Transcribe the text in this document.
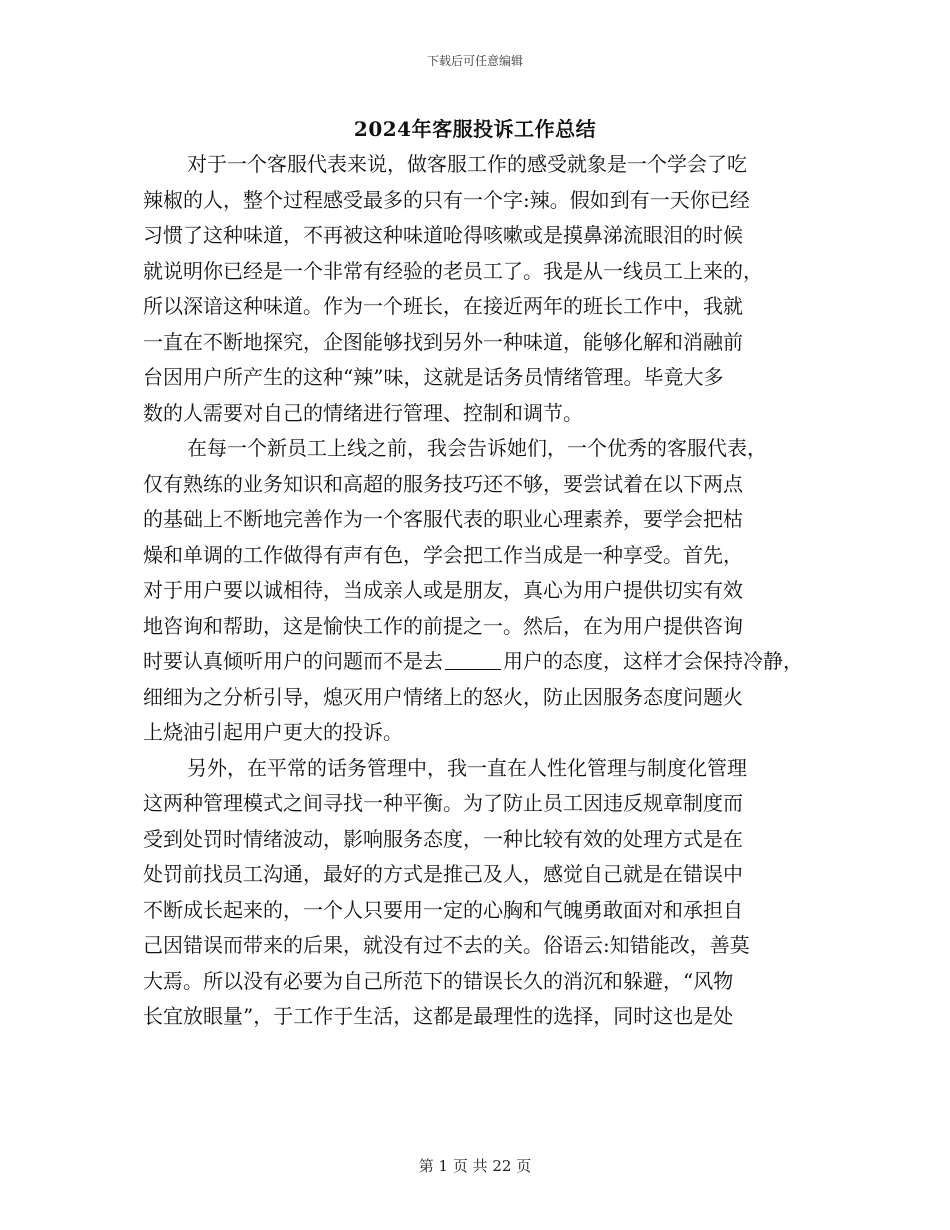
下载后可任意编辑
2024年客服投诉工作总结
对于一个客服代表来说，做客服工作的感受就象是一个学会了吃
辣椒的人，整个过程感受最多的只有一个字:辣。假如到有一天你已经
习惯了这种味道，不再被这种味道呛得咳嗽或是摸鼻涕流眼泪的时候
就说明你已经是一个非常有经验的老员工了。我是从一线员工上来的，
所以深谙这种味道。作为一个班长，在接近两年的班长工作中，我就
一直在不断地探究，企图能够找到另外一种味道，能够化解和消融前
台因用户所产生的这种“辣”味，这就是话务员情绪管理。毕竟大多
数的人需要对自己的情绪进行管理、控制和调节。
在每一个新员工上线之前，我会告诉她们，一个优秀的客服代表，
仅有熟练的业务知识和高超的服务技巧还不够，要尝试着在以下两点
的基础上不断地完善作为一个客服代表的职业心理素养，要学会把枯
燥和单调的工作做得有声有色，学会把工作当成是一种享受。首先，
对于用户要以诚相待，当成亲人或是朋友，真心为用户提供切实有效
地咨询和帮助，这是愉快工作的前提之一。然后，在为用户提供咨询
时要认真倾听用户的问题而不是去	用户的态度，这样才会保持冷静，
细细为之分析引导，熄灭用户情绪上的怒火，防止因服务态度问题火
上烧油引起用户更大的投诉。
另外，在平常的话务管理中，我一直在人性化管理与制度化管理
这两种管理模式之间寻找一种平衡。为了防止员工因违反规章制度而
受到处罚时情绪波动，影响服务态度，一种比较有效的处理方式是在
处罚前找员工沟通，最好的方式是推己及人，感觉自己就是在错误中
不断成长起来的，一个人只要用一定的心胸和气魄勇敢面对和承担自
己因错误而带来的后果，就没有过不去的关。俗语云:知错能改，善莫
大焉。所以没有必要为自己所范下的错误长久的消沉和躲避，“风物
长宜放眼量”，于工作于生活，这都是最理性的选择，同时这也是处
第 1 页 共 22 页
